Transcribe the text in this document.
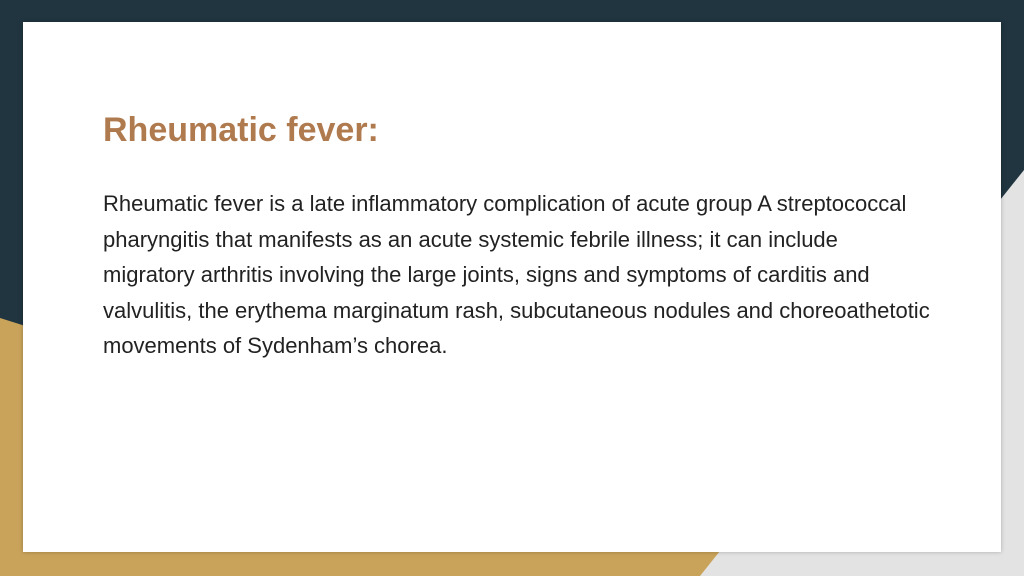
Rheumatic fever:

Rheumatic fever is a late inflammatory complication of acute group A streptococcal pharyngitis that manifests as an acute systemic febrile illness; it can include migratory arthritis involving the large joints, signs and symptoms of carditis and valvulitis, the erythema marginatum rash, subcutaneous nodules and choreoathetotic movements of Sydenham’s chorea.
